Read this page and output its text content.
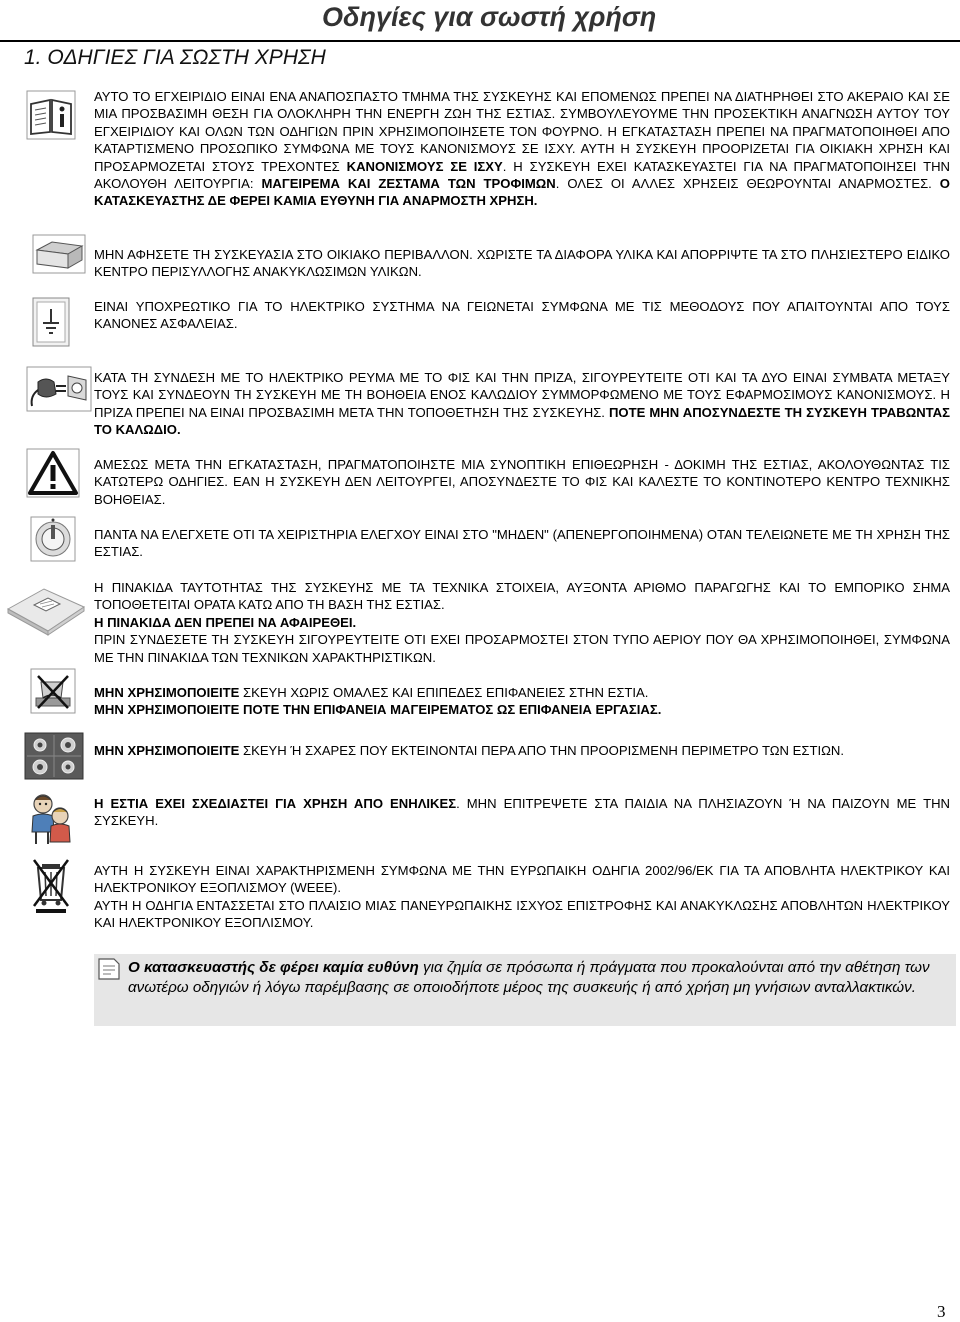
Οδηγίες για σωστή χρήση
1. ΟΔΗΓΙΕΣ ΓΙΑ ΣΩΣΤΗ ΧΡΗΣΗ

ΑΥΤΟ ΤΟ ΕΓΧΕΙΡΙΔΙΟ ΕΙΝΑΙ ΕΝΑ ΑΝΑΠΟΣΠΑΣΤΟ ΤΜΗΜΑ ΤΗΣ ΣΥΣΚΕΥΗΣ ΚΑΙ ΕΠΟΜΕΝΩΣ ΠΡΕΠΕΙ ΝΑ ΔΙΑΤΗΡΗΘΕΙ ΣΤΟ ΑΚΕΡΑΙΟ ΚΑΙ ΣΕ ΜΙΑ ΠΡΟΣΒΑΣΙΜΗ ΘΕΣΗ ΓΙΑ ΟΛΟΚΛΗΡΗ ΤΗΝ ΕΝΕΡΓΗ ΖΩΗ ΤΗΣ ΕΣΤΙΑΣ. ΣΥΜΒΟΥΛΕΥΟΥΜΕ ΤΗΝ ΠΡΟΣΕΚΤΙΚΗ ΑΝΑΓΝΩΣΗ ΑΥΤΟΥ ΤΟΥ ΕΓΧΕΙΡΙΔΙΟΥ ΚΑΙ ΟΛΩΝ ΤΩΝ ΟΔΗΓΙΩΝ ΠΡΙΝ ΧΡΗΣΙΜΟΠΟΙΗΣΕΤΕ ΤΟΝ ΦΟΥΡΝΟ. Η ΕΓΚΑΤΑΣΤΑΣΗ ΠΡΕΠΕΙ ΝΑ ΠΡΑΓΜΑΤΟΠΟΙΗΘΕΙ ΑΠΟ ΚΑΤΑΡΤΙΣΜΕΝΟ ΠΡΟΣΩΠΙΚΟ ΣΥΜΦΩΝΑ ΜΕ ΤΟΥΣ ΚΑΝΟΝΙΣΜΟΥΣ ΣΕ ΙΣΧΥ. ΑΥΤΗ Η ΣΥΣΚΕΥΗ ΠΡΟΟΡΙΖΕΤΑΙ ΓΙΑ ΟΙΚΙΑΚΗ ΧΡΗΣΗ ΚΑΙ ΠΡΟΣΑΡΜΟΖΕΤΑΙ ΣΤΟΥΣ ΤΡΕΧΟΝΤΕΣ ΚΑΝΟΝΙΣΜΟΥΣ ΣΕ ΙΣΧΥ. Η ΣΥΣΚΕΥΗ ΕΧΕΙ ΚΑΤΑΣΚΕΥΑΣΤΕΙ ΓΙΑ ΝΑ ΠΡΑΓΜΑΤΟΠΟΙΗΣΕΙ ΤΗΝ ΑΚΟΛΟΥΘΗ ΛΕΙΤΟΥΡΓΙΑ: ΜΑΓΕΙΡΕΜΑ ΚΑΙ ΖΕΣΤΑΜΑ ΤΩΝ ΤΡΟΦΙΜΩΝ. ΟΛΕΣ ΟΙ ΑΛΛΕΣ ΧΡΗΣΕΙΣ ΘΕΩΡΟΥΝΤΑΙ ΑΝΑΡΜΟΣΤΕΣ. Ο ΚΑΤΑΣΚΕΥΑΣΤΗΣ ΔΕ ΦΕΡΕΙ ΚΑΜΙΑ ΕΥΘΥΝΗ ΓΙΑ ΑΝΑΡΜΟΣΤΗ ΧΡΗΣΗ.

ΜΗΝ ΑΦΗΣΕΤΕ ΤΗ ΣΥΣΚΕΥΑΣΙΑ ΣΤΟ ΟΙΚΙΑΚΟ ΠΕΡΙΒΑΛΛΟΝ. ΧΩΡΙΣΤΕ ΤΑ ΔΙΑΦΟΡΑ ΥΛΙΚΑ ΚΑΙ ΑΠΟΡΡΙΨΤΕ ΤΑ ΣΤΟ ΠΛΗΣΙΕΣΤΕΡΟ ΕΙΔΙΚΟ ΚΕΝΤΡΟ ΠΕΡΙΣΥΛΛΟΓΗΣ ΑΝΑΚΥΚΛΩΣΙΜΩΝ ΥΛΙΚΩΝ.

ΕΙΝΑΙ ΥΠΟΧΡΕΩΤΙΚΟ ΓΙΑ ΤΟ ΗΛΕΚΤΡΙΚΟ ΣΥΣΤΗΜΑ ΝΑ ΓΕΙΩΝΕΤΑΙ ΣΥΜΦΩΝΑ ΜΕ ΤΙΣ ΜΕΘΟΔΟΥΣ ΠΟΥ ΑΠΑΙΤΟΥΝΤΑΙ ΑΠΟ ΤΟΥΣ ΚΑΝΟΝΕΣ ΑΣΦΑΛΕΙΑΣ.

ΚΑΤΑ ΤΗ ΣΥΝΔΕΣΗ ΜΕ ΤΟ ΗΛΕΚΤΡΙΚΟ ΡΕΥΜΑ ΜΕ ΤΟ ΦΙΣ ΚΑΙ ΤΗΝ ΠΡΙΖΑ, ΣΙΓΟΥΡΕΥΤΕΙΤΕ ΟΤΙ ΚΑΙ ΤΑ ΔΥΟ ΕΙΝΑΙ ΣΥΜΒΑΤΑ ΜΕΤΑΞΥ ΤΟΥΣ ΚΑΙ ΣΥΝΔΕΟΥΝ ΤΗ ΣΥΣΚΕΥΗ ΜΕ ΤΗ ΒΟΗΘΕΙΑ ΕΝΟΣ ΚΑΛΩΔΙΟΥ ΣΥΜΜΟΡΦΩΜΕΝΟ ΜΕ ΤΟΥΣ ΕΦΑΡΜΟΣΙΜΟΥΣ ΚΑΝΟΝΙΣΜΟΥΣ. Η ΠΡΙΖΑ ΠΡΕΠΕΙ ΝΑ ΕΙΝΑΙ ΠΡΟΣΒΑΣΙΜΗ ΜΕΤΑ ΤΗΝ ΤΟΠΟΘΕΤΗΣΗ ΤΗΣ ΣΥΣΚΕΥΗΣ. ΠΟΤΕ ΜΗΝ ΑΠΟΣΥΝΔΕΣΤΕ ΤΗ ΣΥΣΚΕΥΗ ΤΡΑΒΩΝΤΑΣ ΤΟ ΚΑΛΩΔΙΟ.

ΑΜΕΣΩΣ ΜΕΤΑ ΤΗΝ ΕΓΚΑΤΑΣΤΑΣΗ, ΠΡΑΓΜΑΤΟΠΟΙΗΣΤΕ ΜΙΑ ΣΥΝΟΠΤΙΚΗ ΕΠΙΘΕΩΡΗΣΗ - ΔΟΚΙΜΗ ΤΗΣ ΕΣΤΙΑΣ, ΑΚΟΛΟΥΘΩΝΤΑΣ ΤΙΣ ΚΑΤΩΤΕΡΩ ΟΔΗΓΙΕΣ. ΕΑΝ Η ΣΥΣΚΕΥΗ ΔΕΝ ΛΕΙΤΟΥΡΓΕΙ, ΑΠΟΣΥΝΔΕΣΤΕ ΤΟ ΦΙΣ ΚΑΙ ΚΑΛΕΣΤΕ ΤΟ ΚΟΝΤΙΝΟΤΕΡΟ ΚΕΝΤΡΟ ΤΕΧΝΙΚΗΣ ΒΟΗΘΕΙΑΣ.

ΠΑΝΤΑ ΝΑ ΕΛΕΓΧΕΤΕ ΟΤΙ ΤΑ ΧΕΙΡΙΣΤΗΡΙΑ ΕΛΕΓΧΟΥ ΕΙΝΑΙ ΣΤΟ "ΜΗΔΕΝ" (ΑΠΕΝΕΡΓΟΠΟΙΗΜΕΝΑ) ΟΤΑΝ ΤΕΛΕΙΩΝΕΤΕ ΜΕ ΤΗ ΧΡΗΣΗ ΤΗΣ ΕΣΤΙΑΣ.

Η ΠΙΝΑΚΙΔΑ ΤΑΥΤΟΤΗΤΑΣ ΤΗΣ ΣΥΣΚΕΥΗΣ ΜΕ ΤΑ ΤΕΧΝΙΚΑ ΣΤΟΙΧΕΙΑ, ΑΥΞΟΝΤΑ ΑΡΙΘΜΟ ΠΑΡΑΓΩΓΗΣ ΚΑΙ ΤΟ ΕΜΠΟΡΙΚΟ ΣΗΜΑ ΤΟΠΟΘΕΤΕΙΤΑΙ ΟΡΑΤΑ ΚΑΤΩ ΑΠΟ ΤΗ ΒΑΣΗ ΤΗΣ ΕΣΤΙΑΣ.

Η ΠΙΝΑΚΙΔΑ ΔΕΝ ΠΡΕΠΕΙ ΝΑ ΑΦΑΙΡΕΘΕΙ.

ΠΡΙΝ ΣΥΝΔΕΣΕΤΕ ΤΗ ΣΥΣΚΕΥΗ ΣΙΓΟΥΡΕΥΤΕΙΤΕ ΟΤΙ ΕΧΕΙ ΠΡΟΣΑΡΜΟΣΤΕΙ ΣΤΟΝ ΤΥΠΟ ΑΕΡΙΟΥ ΠΟΥ ΘΑ ΧΡΗΣΙΜΟΠΟΙΗΘΕΙ, ΣΥΜΦΩΝΑ ΜΕ ΤΗΝ ΠΙΝΑΚΙΔΑ ΤΩΝ ΤΕΧΝΙΚΩΝ ΧΑΡΑΚΤΗΡΙΣΤΙΚΩΝ.

ΜΗΝ ΧΡΗΣΙΜΟΠΟΙΕΙΤΕ ΣΚΕΥΗ ΧΩΡΙΣ ΟΜΑΛΕΣ ΚΑΙ ΕΠΙΠΕΔΕΣ ΕΠΙΦΑΝΕΙΕΣ ΣΤΗΝ ΕΣΤΙΑ.

ΜΗΝ ΧΡΗΣΙΜΟΠΟΙΕΙΤΕ ΠΟΤΕ ΤΗΝ ΕΠΙΦΑΝΕΙΑ ΜΑΓΕΙΡΕΜΑΤΟΣ ΩΣ ΕΠΙΦΑΝΕΙΑ ΕΡΓΑΣΙΑΣ.

ΜΗΝ ΧΡΗΣΙΜΟΠΟΙΕΙΤΕ ΣΚΕΥΗ Ή ΣΧΑΡΕΣ ΠΟΥ ΕΚΤΕΙΝΟΝΤΑΙ ΠΕΡΑ ΑΠΟ ΤΗΝ ΠΡΟΟΡΙΣΜΕΝΗ ΠΕΡΙΜΕΤΡΟ ΤΩΝ ΕΣΤΙΩΝ.

Η ΕΣΤΙΑ ΕΧΕΙ ΣΧΕΔΙΑΣΤΕΙ ΓΙΑ ΧΡΗΣΗ ΑΠΟ ΕΝΗΛΙΚΕΣ. ΜΗΝ ΕΠΙΤΡΕΨΕΤΕ ΣΤΑ ΠΑΙΔΙΑ ΝΑ ΠΛΗΣΙΑΖΟΥΝ Ή ΝΑ ΠΑΙΖΟΥΝ ΜΕ ΤΗΝ ΣΥΣΚΕΥΗ.

ΑΥΤΗ Η ΣΥΣΚΕΥΗ ΕΙΝΑΙ ΧΑΡΑΚΤΗΡΙΣΜΕΝΗ ΣΥΜΦΩΝΑ ΜΕ ΤΗΝ ΕΥΡΩΠΑΙΚΗ ΟΔΗΓΙΑ 2002/96/ΕΚ ΓΙΑ ΤΑ ΑΠΟΒΛΗΤΑ ΗΛΕΚΤΡΙΚΟΥ ΚΑΙ ΗΛΕΚΤΡΟΝΙΚΟΥ ΕΞΟΠΛΙΣΜΟΥ (WEEE).

ΑΥΤΗ Η ΟΔΗΓΙΑ ΕΝΤΑΣΣΕΤΑΙ ΣΤΟ ΠΛΑΙΣΙΟ ΜΙΑΣ ΠΑΝΕΥΡΩΠΑΙΚΗΣ ΙΣΧΥΟΣ ΕΠΙΣΤΡΟΦΗΣ ΚΑΙ ΑΝΑΚΥΚΛΩΣΗΣ ΑΠΟΒΛΗΤΩΝ ΗΛΕΚΤΡΙΚΟΥ ΚΑΙ ΗΛΕΚΤΡΟΝΙΚΟΥ ΕΞΟΠΛΙΣΜΟΥ.

Ο κατασκευαστής δε φέρει καμία ευθύνη για ζημία σε πρόσωπα ή πράγματα που προκαλούνται από την αθέτηση των ανωτέρω οδηγιών ή λόγω παρέμβασης σε οποιοδήποτε μέρος της συσκευής ή από χρήση μη γνήσιων ανταλλακτικών.
3
